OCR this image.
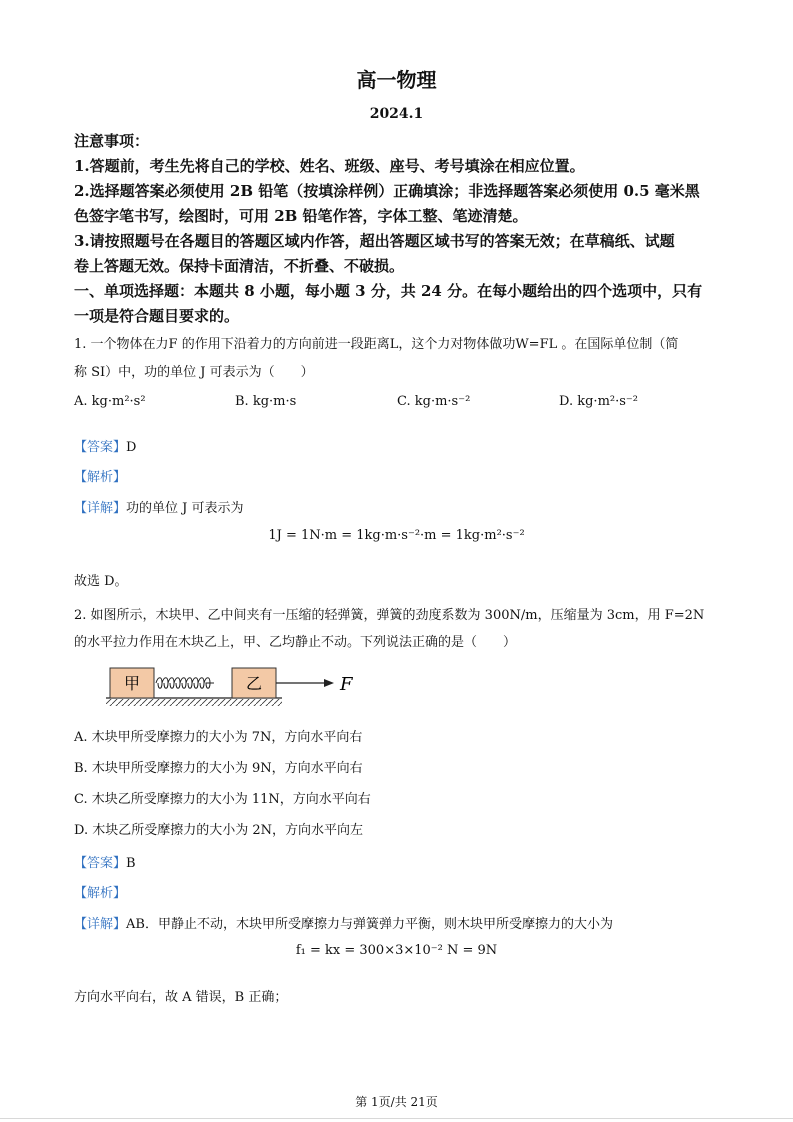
高一物理
2024.1
注意事项：
1.答题前，考生先将自己的学校、姓名、班级、座号、考号填涂在相应位置。
2.选择题答案必须使用 2B 铅笔（按填涂样例）正确填涂；非选择题答案必须使用 0.5 毫米黑
色签字笔书写，绘图时，可用 2B 铅笔作答，字体工整、笔迹清楚。
3.请按照题号在各题目的答题区域内作答，超出答题区域书写的答案无效；在草稿纸、试题
卷上答题无效。保持卡面清洁，不折叠、不破损。
一、单项选择题：本题共 8 小题，每小题 3 分，共 24 分。在每小题给出的四个选项中，只有
一项是符合题目要求的。
1. 一个物体在力F 的作用下沿着力的方向前进一段距离L，这个力对物体做功W=FL 。在国际单位制（简
称 SI）中，功的单位 J 可表示为（　　）
A. kg·m²·s²	B. kg·m·s	C. kg·m·s⁻²	D. kg·m²·s⁻²
【答案】D
【解析】
【详解】功的单位 J 可表示为
1J = 1N·m = 1kg·m·s⁻²·m = 1kg·m²·s⁻²
故选 D。
2. 如图所示，木块甲、乙中间夹有一压缩的轻弹簧，弹簧的劲度系数为 300N/m，压缩量为 3cm，用 F=2N
的水平拉力作用在木块乙上，甲、乙均静止不动。下列说法正确的是（　　）
甲	乙	F
A. 木块甲所受摩擦力的大小为 7N，方向水平向右
B. 木块甲所受摩擦力的大小为 9N，方向水平向右
C. 木块乙所受摩擦力的大小为 11N，方向水平向右
D. 木块乙所受摩擦力的大小为 2N，方向水平向左
【答案】B
【解析】
【详解】AB．甲静止不动，木块甲所受摩擦力与弹簧弹力平衡，则木块甲所受摩擦力的大小为
f₁ = kx = 300×3×10⁻² N = 9N
方向水平向右，故 A 错误，B 正确；
第 1页/共 21页
